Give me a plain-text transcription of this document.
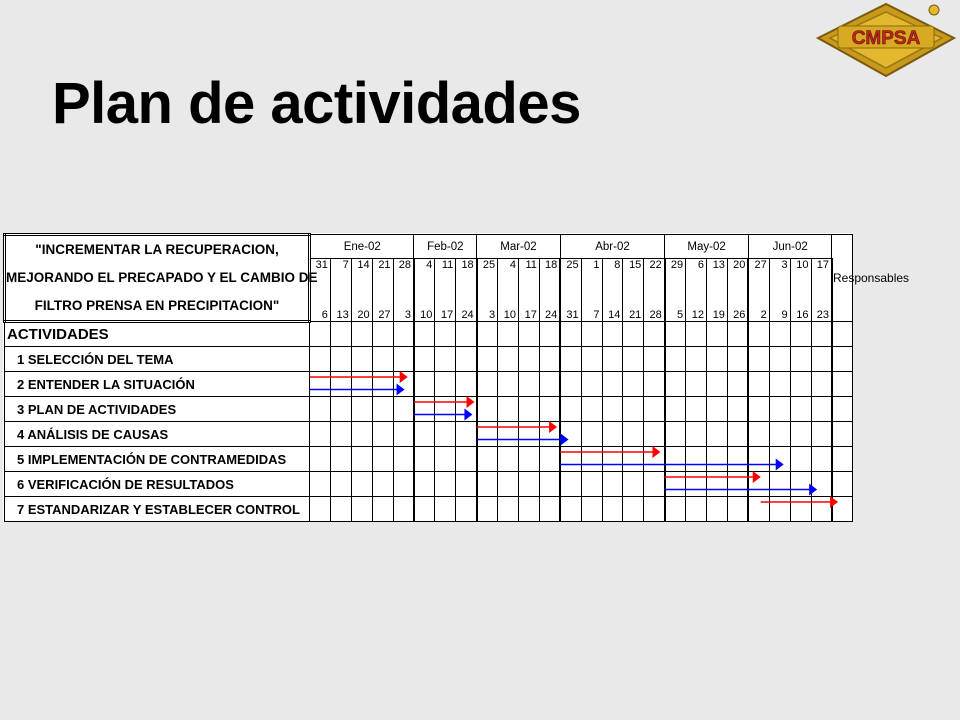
Plan de actividades
CMPSA
"INCREMENTAR LA RECUPERACION,
MEJORANDO EL PRECAPADO Y EL CAMBIO DE
FILTRO PRENSA EN PRECIPITACION"	Ene-02					Feb-02			Mar-02				Abr-02					May-02				Jun-02				Responsables	
	31	7	14	21	28	4	11	18	25	4	11	18	25	1	8	15	22	29	6	13	20	27	3	10	17	
	6	13	20	27	3	10	17	24	3	10	17	24	31	7	14	21	28	5	12	19	26	2	9	16	23	
ACTIVIDADES																											
1 SELECCIÓN DEL TEMA																											
2 ENTENDER LA SITUACIÓN																											
3 PLAN DE ACTIVIDADES																											
4 ANÁLISIS DE CAUSAS																											
5 IMPLEMENTACIÓN DE CONTRAMEDIDAS																											
6 VERIFICACIÓN DE RESULTADOS																											
7 ESTANDARIZAR Y ESTABLECER CONTROL																											
